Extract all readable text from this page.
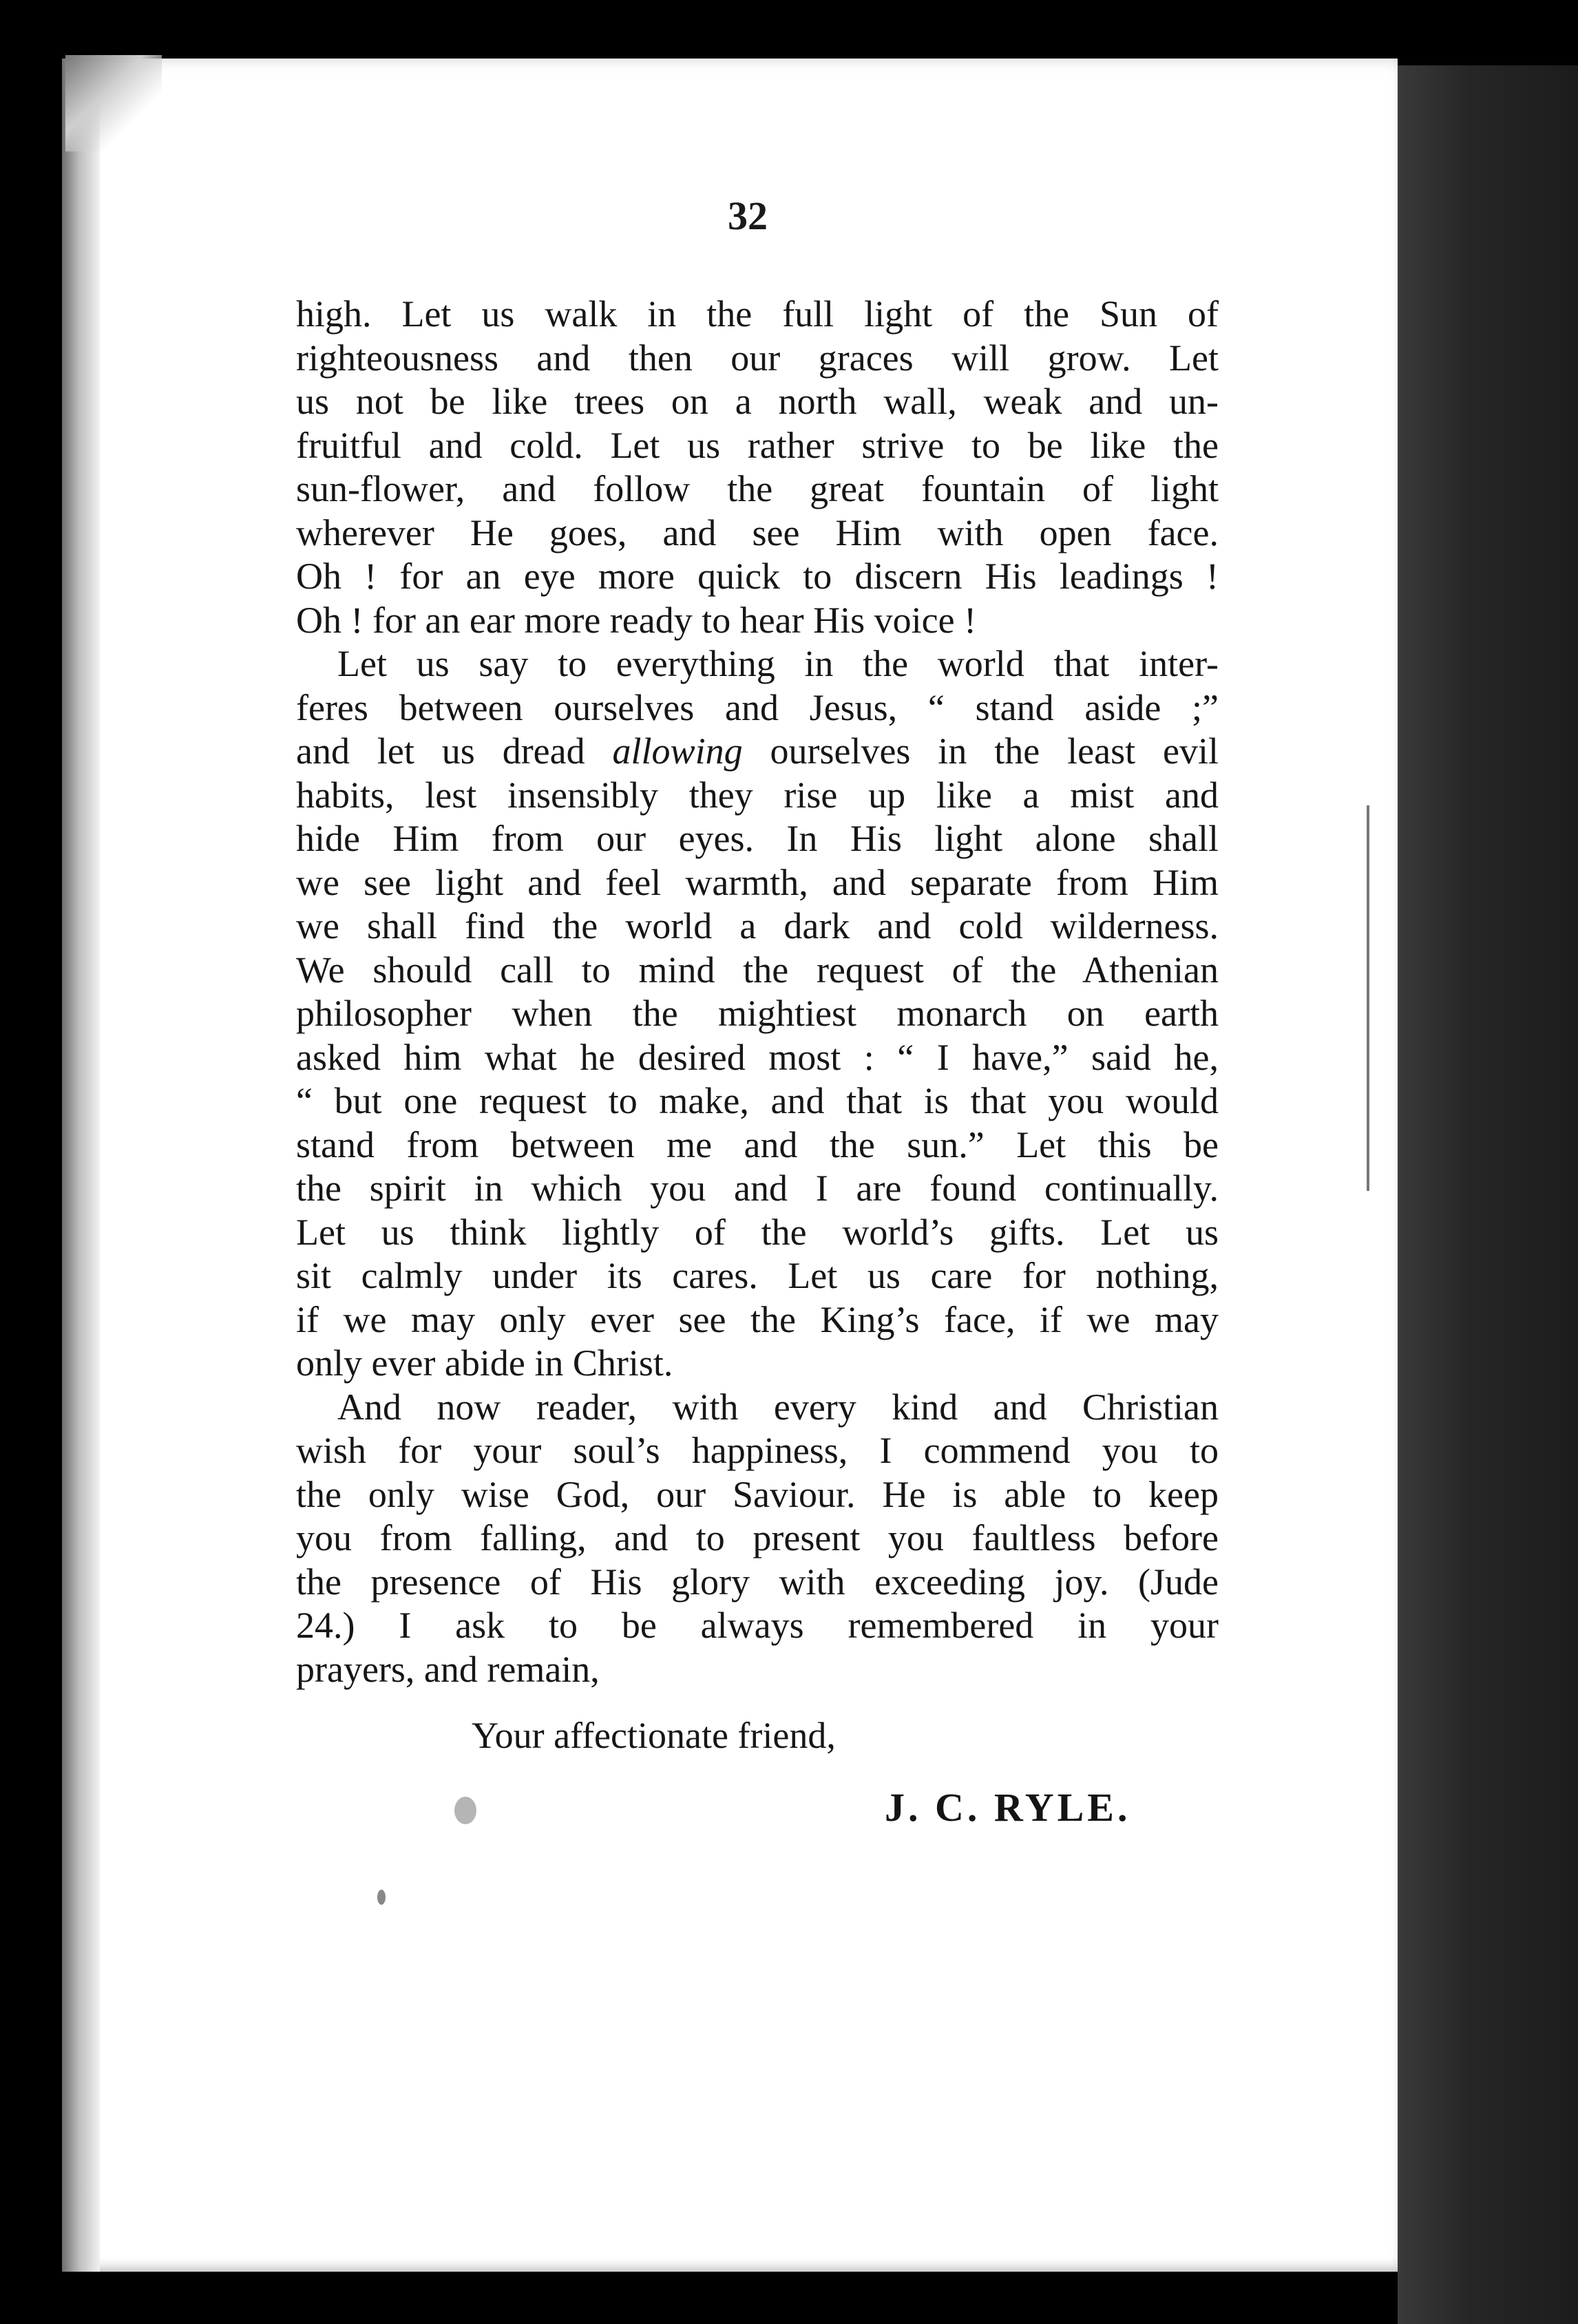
32
high. Let us walk in the full light of the Sun of
righteousness and then our graces will grow. Let
us not be like trees on a north wall, weak and un-
fruitful and cold. Let us rather strive to be like the
sun-flower, and follow the great fountain of light
wherever He goes, and see Him with open face.
Oh ! for an eye more quick to discern His leadings !
Oh ! for an ear more ready to hear His voice !
Let us say to everything in the world that inter-
feres between ourselves and Jesus, “ stand aside ;”
and let us dread allowing ourselves in the least evil
habits, lest insensibly they rise up like a mist and
hide Him from our eyes. In His light alone shall
we see light and feel warmth, and separate from Him
we shall find the world a dark and cold wilderness.
We should call to mind the request of the Athenian
philosopher when the mightiest monarch on earth
asked him what he desired most : “ I have,” said he,
“ but one request to make, and that is that you would
stand from between me and the sun.” Let this be
the spirit in which you and I are found continually.
Let us think lightly of the world’s gifts. Let us
sit calmly under its cares. Let us care for nothing,
if we may only ever see the King’s face, if we may
only ever abide in Christ.
And now reader, with every kind and Christian
wish for your soul’s happiness, I commend you to
the only wise God, our Saviour. He is able to keep
you from falling, and to present you faultless before
the presence of His glory with exceeding joy. (Jude
24.) I ask to be always remembered in your
prayers, and remain,
Your affectionate friend,
J. C. RYLE.
